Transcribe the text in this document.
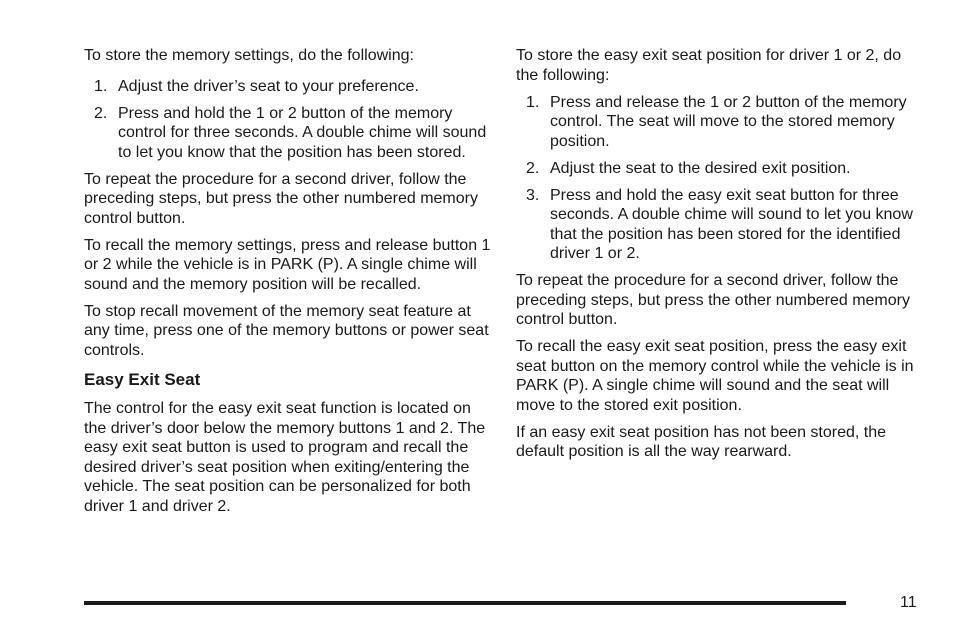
To store the memory settings, do the following:

1. Adjust the driver’s seat to your preference.
2. Press and hold the 1 or 2 button of the memory control for three seconds. A double chime will sound to let you know that the position has been stored.

To repeat the procedure for a second driver, follow the preceding steps, but press the other numbered memory control button.

To recall the memory settings, press and release button 1 or 2 while the vehicle is in PARK (P). A single chime will sound and the memory position will be recalled.

To stop recall movement of the memory seat feature at any time, press one of the memory buttons or power seat controls.

Easy Exit Seat

The control for the easy exit seat function is located on the driver’s door below the memory buttons 1 and 2. The easy exit seat button is used to program and recall the desired driver’s seat position when exiting/entering the vehicle. The seat position can be personalized for both driver 1 and driver 2.

To store the easy exit seat position for driver 1 or 2, do the following:

1. Press and release the 1 or 2 button of the memory control. The seat will move to the stored memory position.
2. Adjust the seat to the desired exit position.
3. Press and hold the easy exit seat button for three seconds. A double chime will sound to let you know that the position has been stored for the identified driver 1 or 2.

To repeat the procedure for a second driver, follow the preceding steps, but press the other numbered memory control button.

To recall the easy exit seat position, press the easy exit seat button on the memory control while the vehicle is in PARK (P). A single chime will sound and the seat will move to the stored exit position.

If an easy exit seat position has not been stored, the default position is all the way rearward.

11
